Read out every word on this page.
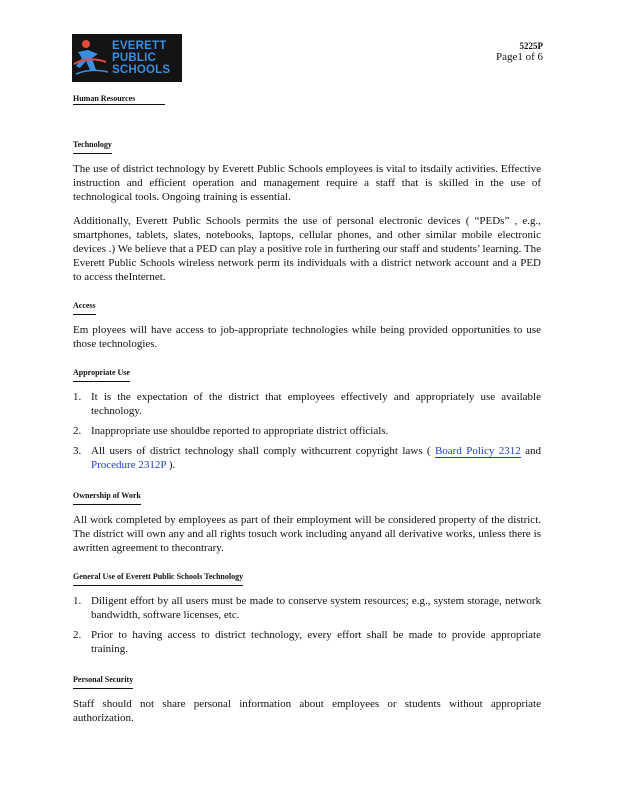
EVERETT
PUBLIC
SCHOOLS
5225P
Page1 of 6
Human Resources
Technology

The use of district technology by Everett Public Schools employees is vital to itsdaily activities. Effective instruction and efficient operation and management require a staff that is skilled in the use of technological tools. Ongoing training is essential.

Additionally, Everett Public Schools permits the use of personal electronic devices ( “PEDs” , e.g., smartphones, tablets, slates, notebooks, laptops, cellular phones, and other similar mobile electronic devices .) We believe that a PED can play a positive role in furthering our staff and students’ learning. The Everett Public Schools wireless network perm its individuals with a district network account and a PED to access theInternet.

Access

Em ployees will have access to job-appropriate technologies while being provided opportunities to use those technologies.

Appropriate Use
1. It is the expectation of the district that employees effectively and appropriately use available technology.
2. Inappropriate use shouldbe reported to appropriate district officials.
3. All users of district technology shall comply withcurrent copyright laws ( Board Policy 2312 and Procedure 2312P ).
Ownership of Work

All work completed by employees as part of their employment will be considered property of the district. The district will own any and all rights tosuch work including anyand all derivative works, unless there is awritten agreement to thecontrary.

General Use of Everett Public Schools Technology
1. Diligent effort by all users must be made to conserve system resources; e.g., system storage, network bandwidth, software licenses, etc.
2. Prior to having access to district technology, every effort shall be made to provide appropriate training.
Personal Security

Staff should not share personal information about employees or students without appropriate authorization.
